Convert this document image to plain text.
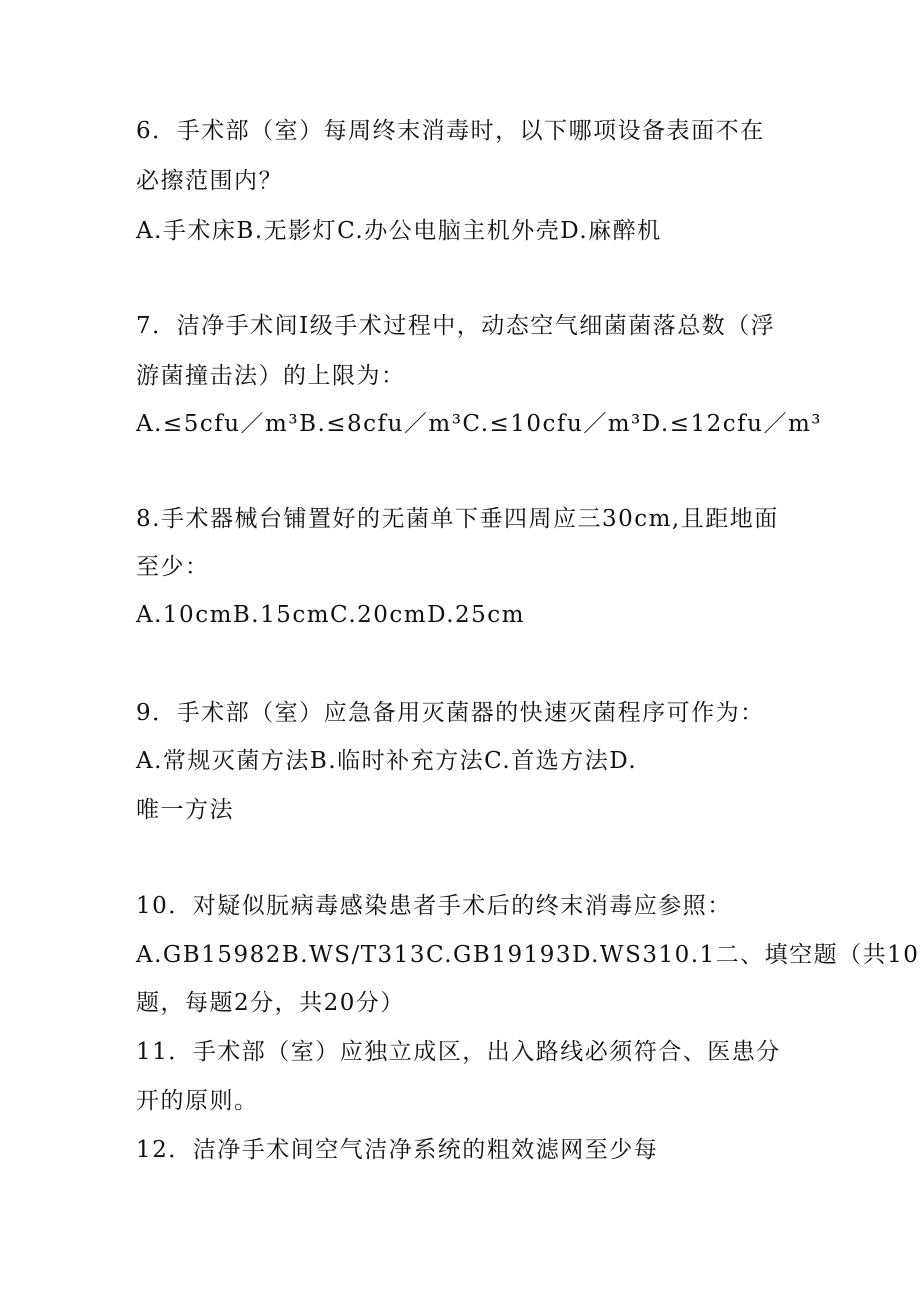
6．手术部（室）每周终末消毒时，以下哪项设备表面不在
必擦范围内？
A.手术床B.无影灯C.办公电脑主机外壳D.麻醉机
7．洁净手术间I级手术过程中，动态空气细菌菌落总数（浮
游菌撞击法）的上限为：
A.≤5cfu／m³B.≤8cfu／m³C.≤10cfu／m³D.≤12cfu／m³
8.手术器械台铺置好的无菌单下垂四周应三30cm,且距地面
至少：
A.10cmB.15cmC.20cmD.25cm
9．手术部（室）应急备用灭菌器的快速灭菌程序可作为：
A.常规灭菌方法B.临时补充方法C.首选方法D.
唯一方法
10．对疑似朊病毒感染患者手术后的终末消毒应参照：
A.GB15982B.WS/T313C.GB19193D.WS310.1二、填空题（共10
题，每题2分，共20分）
11．手术部（室）应独立成区，出入路线必须符合、医患分
开的原则。
12．洁净手术间空气洁净系统的粗效滤网至少每
